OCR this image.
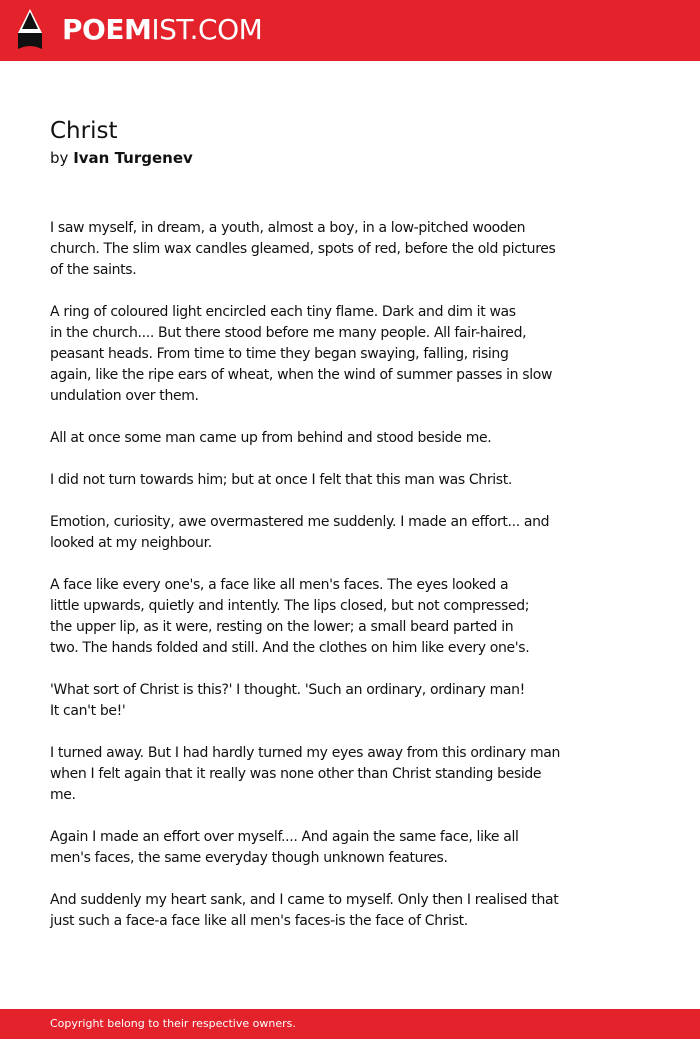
POEMIST.COM
Christ
by Ivan Turgenev
I saw myself, in dream, a youth, almost a boy, in a low-pitched wooden
church. The slim wax candles gleamed, spots of red, before the old pictures
of the saints.
A ring of coloured light encircled each tiny flame. Dark and dim it was
in the church.... But there stood before me many people. All fair-haired,
peasant heads. From time to time they began swaying, falling, rising
again, like the ripe ears of wheat, when the wind of summer passes in slow
undulation over them.
All at once some man came up from behind and stood beside me.
I did not turn towards him; but at once I felt that this man was Christ.
Emotion, curiosity, awe overmastered me suddenly. I made an effort... and
looked at my neighbour.
A face like every one's, a face like all men's faces. The eyes looked a
little upwards, quietly and intently. The lips closed, but not compressed;
the upper lip, as it were, resting on the lower; a small beard parted in
two. The hands folded and still. And the clothes on him like every one's.
'What sort of Christ is this?' I thought. 'Such an ordinary, ordinary man!
It can't be!'
I turned away. But I had hardly turned my eyes away from this ordinary man
when I felt again that it really was none other than Christ standing beside
me.
Again I made an effort over myself.... And again the same face, like all
men's faces, the same everyday though unknown features.
And suddenly my heart sank, and I came to myself. Only then I realised that
just such a face-a face like all men's faces-is the face of Christ.
Copyright belong to their respective owners.
